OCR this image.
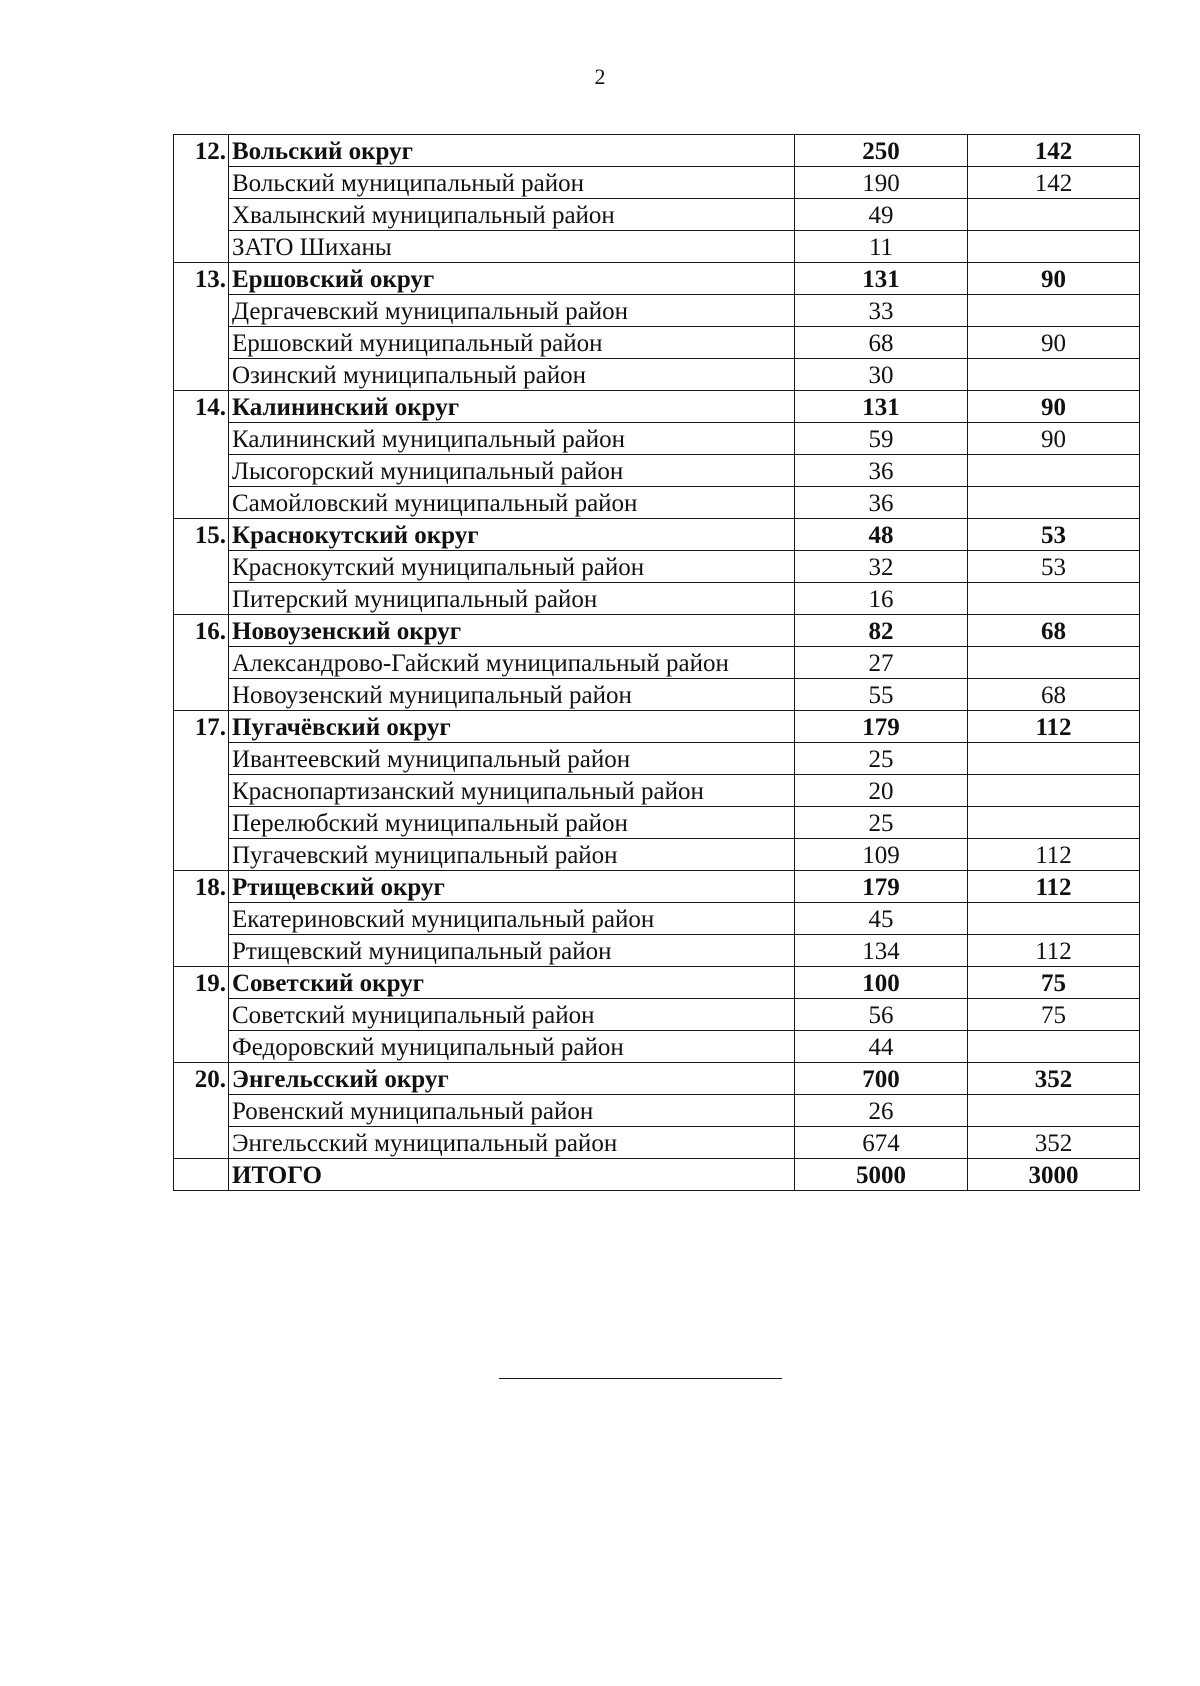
2
12.	Вольский округ	250	142
	Вольский муниципальный район	190	142
	Хвалынский муниципальный район	49	
	ЗАТО Шиханы	11	
13.	Ершовский округ	131	90
	Дергачевский муниципальный район	33	
	Ершовский муниципальный район	68	90
	Озинский муниципальный район	30	
14.	Калининский округ	131	90
	Калининский муниципальный район	59	90
	Лысогорский муниципальный район	36	
	Самойловский муниципальный район	36	
15.	Краснокутский округ	48	53
	Краснокутский муниципальный район	32	53
	Питерский муниципальный район	16	
16.	Новоузенский округ	82	68
	Александрово-Гайский муниципальный район	27	
	Новоузенский муниципальный район	55	68
17.	Пугачёвский округ	179	112
	Ивантеевский муниципальный район	25	
	Краснопартизанский муниципальный район	20	
	Перелюбский муниципальный район	25	
	Пугачевский муниципальный район	109	112
18.	Ртищевский округ	179	112
	Екатериновский муниципальный район	45	
	Ртищевский муниципальный район	134	112
19.	Советский округ	100	75
	Советский муниципальный район	56	75
	Федоровский муниципальный район	44	
20.	Энгельсский округ	700	352
	Ровенский муниципальный район	26	
	Энгельсский муниципальный район	674	352
	ИТОГО	5000	3000
